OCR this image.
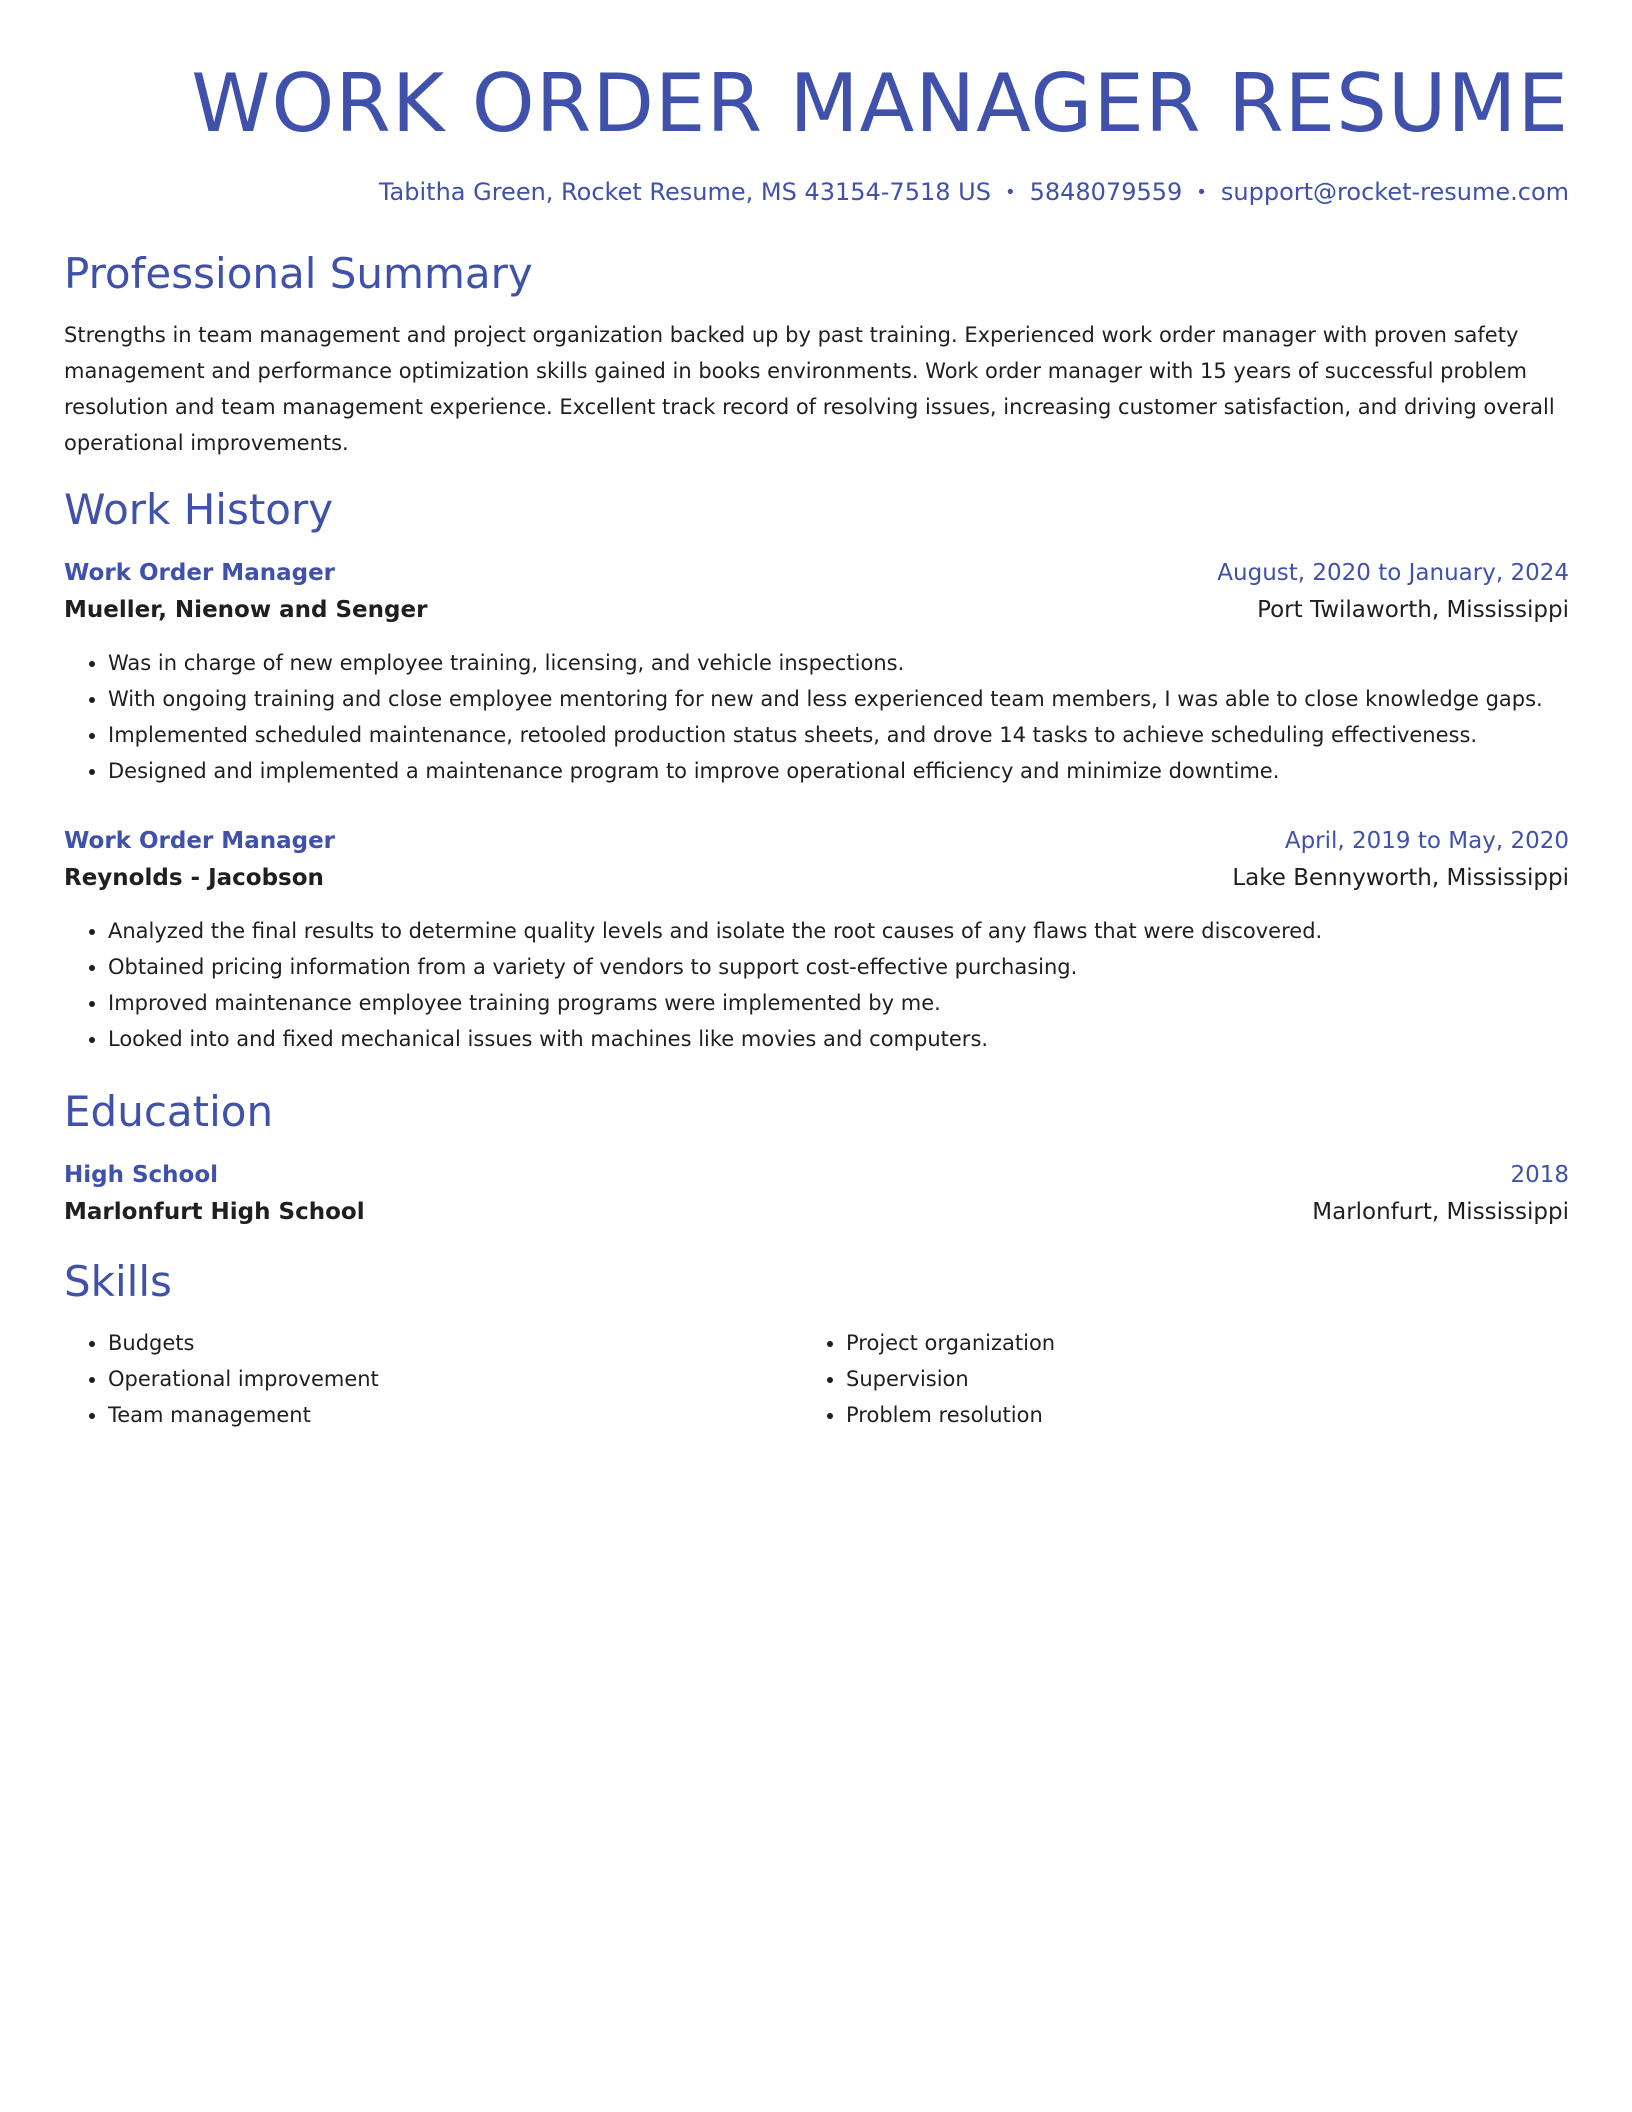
WORK ORDER MANAGER RESUME
Tabitha Green, Rocket Resume, MS 43154-7518 US • 5848079559 • support@rocket-resume.com
Professional Summary
Strengths in team management and project organization backed up by past training. Experienced work order manager with proven safety management and performance optimization skills gained in books environments. Work order manager with 15 years of successful problem resolution and team management experience. Excellent track record of resolving issues, increasing customer satisfaction, and driving overall operational improvements.
Work History
Work Order Manager	August, 2020 to January, 2024
Mueller, Nienow and Senger	Port Twilaworth, Mississippi
• Was in charge of new employee training, licensing, and vehicle inspections.
• With ongoing training and close employee mentoring for new and less experienced team members, I was able to close knowledge gaps.
• Implemented scheduled maintenance, retooled production status sheets, and drove 14 tasks to achieve scheduling effectiveness.
• Designed and implemented a maintenance program to improve operational efficiency and minimize downtime.
Work Order Manager	April, 2019 to May, 2020
Reynolds - Jacobson	Lake Bennyworth, Mississippi
• Analyzed the final results to determine quality levels and isolate the root causes of any flaws that were discovered.
• Obtained pricing information from a variety of vendors to support cost-effective purchasing.
• Improved maintenance employee training programs were implemented by me.
• Looked into and fixed mechanical issues with machines like movies and computers.
Education
High School	2018
Marlonfurt High School	Marlonfurt, Mississippi
Skills
• Budgets
• Operational improvement
• Team management
• Project organization
• Supervision
• Problem resolution
